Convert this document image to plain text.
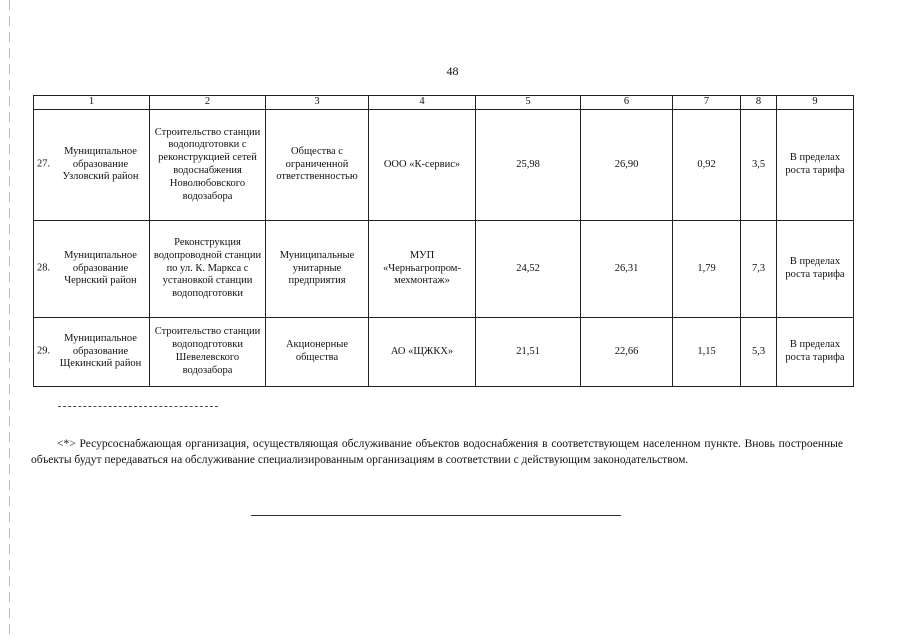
48
1	2	3	4	5	6	7	8	9

27.
Муниципальное образование Узловский район	Строительство станции водоподготовки с реконструкцией сетей водоснабжения Новолюбовского водозабора	Общества с ограниченной ответственностью	ООО «К-сервис»	25,98	26,90	0,92	3,5	В пределах роста тарифа

28.
Муниципальное образование Чернский район	Реконструкция водопроводной станции по ул. К. Маркса с установкой станции водоподготовки	Муниципальные унитарные предприятия	МУП «Черньагропром-мехмонтаж»	24,52	26,31	1,79	7,3	В пределах роста тарифа

29.
Муниципальное образование Щекинский район	Строительство станции водоподготовки Шевелевского водозабора	Акционерные общества	АО «ЩЖКХ»	21,51	22,66	1,15	5,3	В пределах роста тарифа

<*> Ресурсоснабжающая организация, осуществляющая обслуживание объектов водоснабжения в соответствующем населенном пункте. Вновь построенные объекты будут передаваться на обслуживание специализированным организациям в соответствии с действующим законодательством.
